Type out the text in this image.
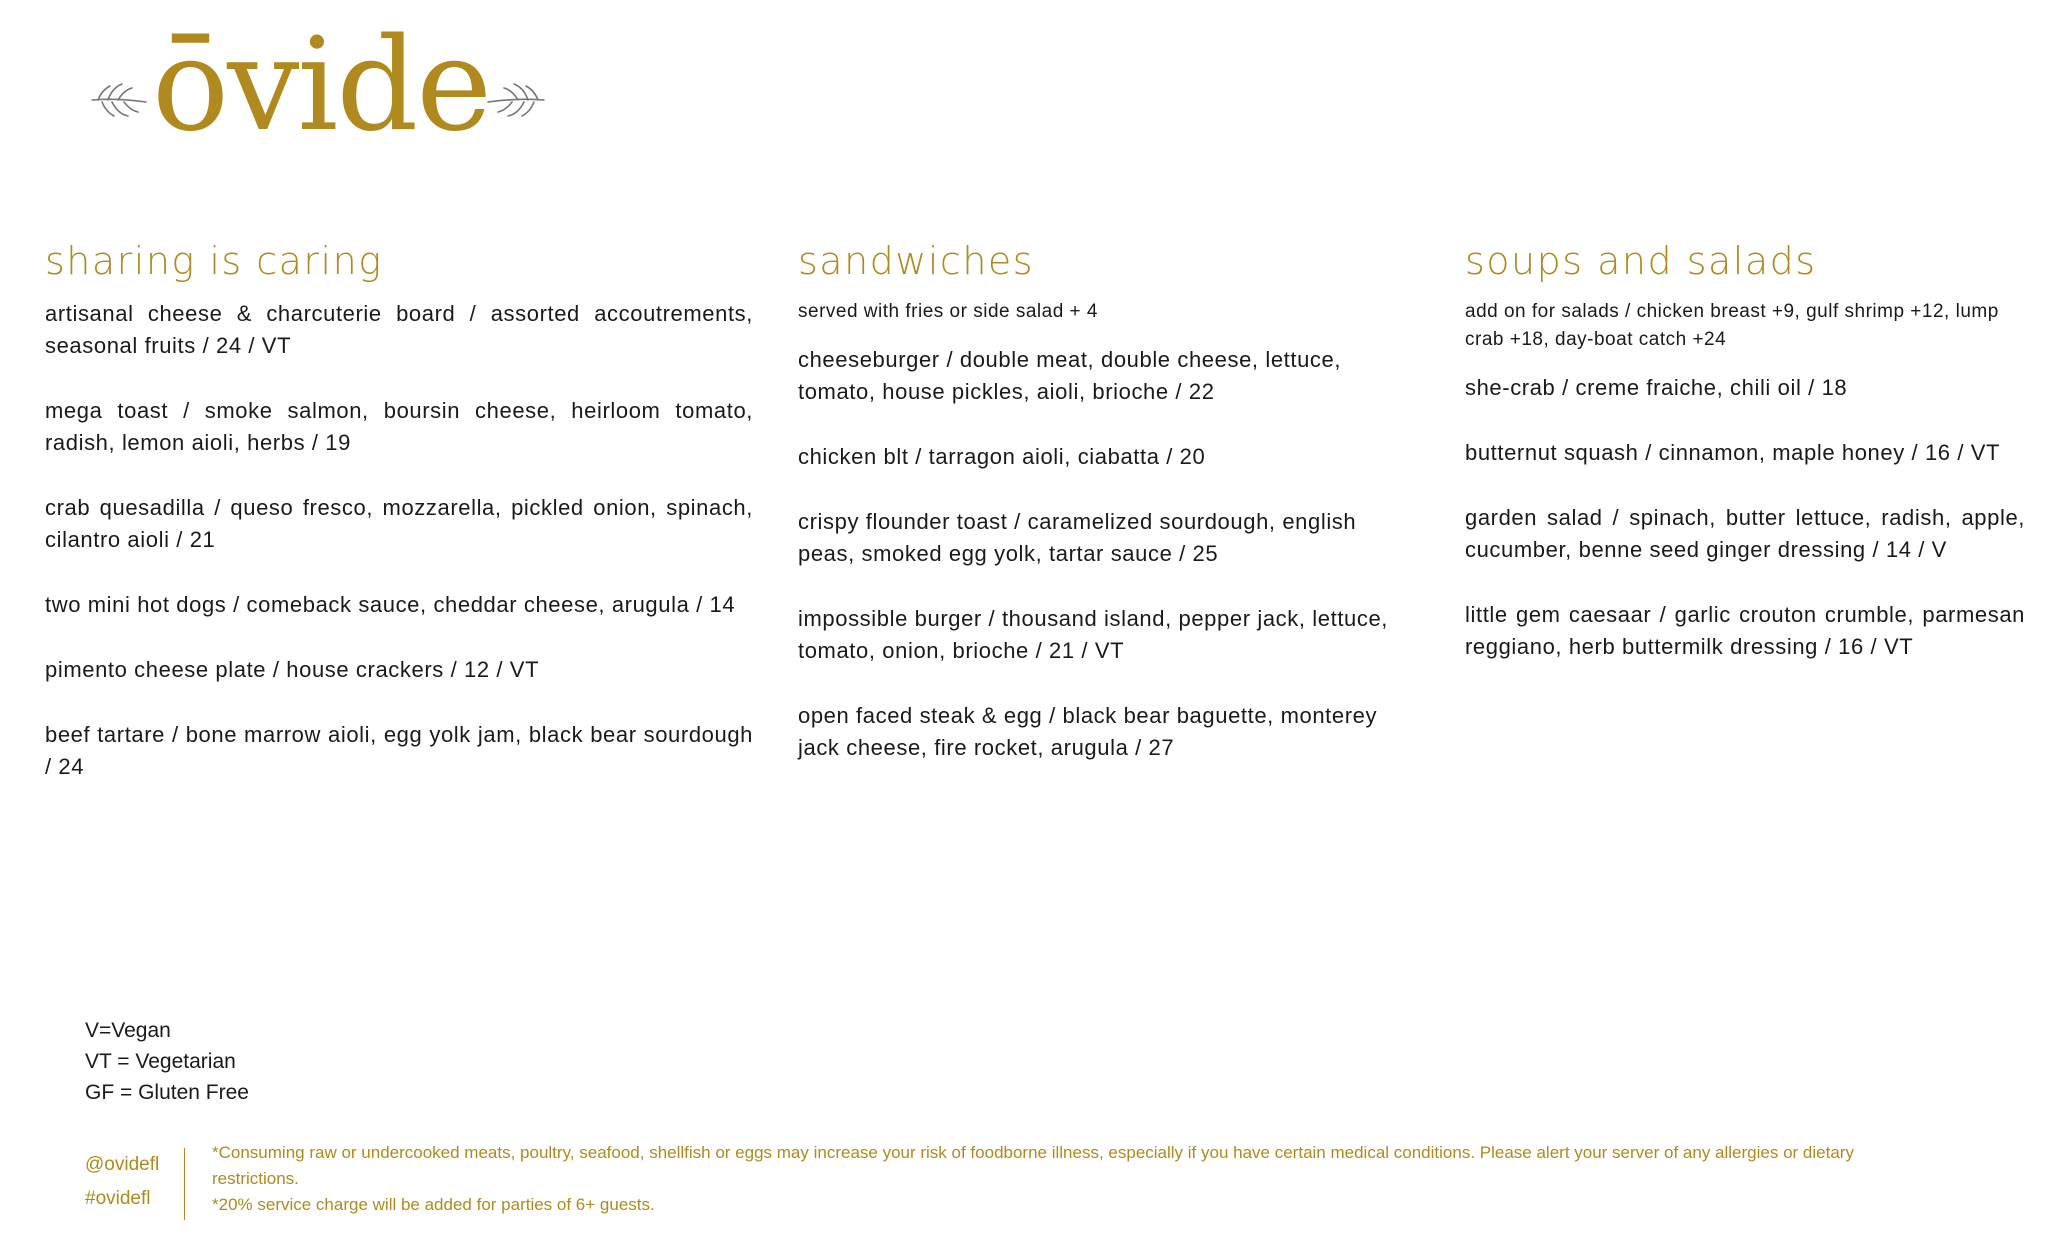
ōvide
sharing is caring
artisanal cheese & charcuterie board / assorted accoutrements, seasonal fruits / 24 / VT
mega toast / smoke salmon, boursin cheese, heirloom tomato, radish, lemon aioli, herbs / 19
crab quesadilla / queso fresco, mozzarella, pickled onion, spinach, cilantro aioli / 21
two mini hot dogs / comeback sauce, cheddar cheese, arugula / 14
pimento cheese plate / house crackers / 12 / VT
beef tartare / bone marrow aioli, egg yolk jam, black bear sourdough / 24
sandwiches
served with fries or side salad + 4
cheeseburger / double meat, double cheese, lettuce, tomato, house pickles, aioli, brioche / 22
chicken blt / tarragon aioli, ciabatta / 20
crispy flounder toast / caramelized sourdough, english peas, smoked egg yolk, tartar sauce / 25
impossible burger / thousand island, pepper jack, lettuce, tomato, onion, brioche / 21 / VT
open faced steak & egg / black bear baguette, monterey jack cheese, fire rocket, arugula / 27
soups and salads
add on for salads / chicken breast +9, gulf shrimp +12, lump crab +18, day-boat catch +24
she-crab / creme fraiche, chili oil / 18
butternut squash / cinnamon, maple honey / 16 / VT
garden salad / spinach, butter lettuce, radish, apple, cucumber, benne seed ginger dressing / 14 / V
little gem caesaar / garlic crouton crumble, parmesan reggiano, herb buttermilk dressing / 16 / VT
V=Vegan
VT = Vegetarian
GF = Gluten Free
@ovidefl
#ovidefl
*Consuming raw or undercooked meats, poultry, seafood, shellfish or eggs may increase your risk of foodborne illness, especially if you have certain medical conditions. Please alert your server of any allergies or dietary restrictions.
*20% service charge will be added for parties of 6+ guests.
